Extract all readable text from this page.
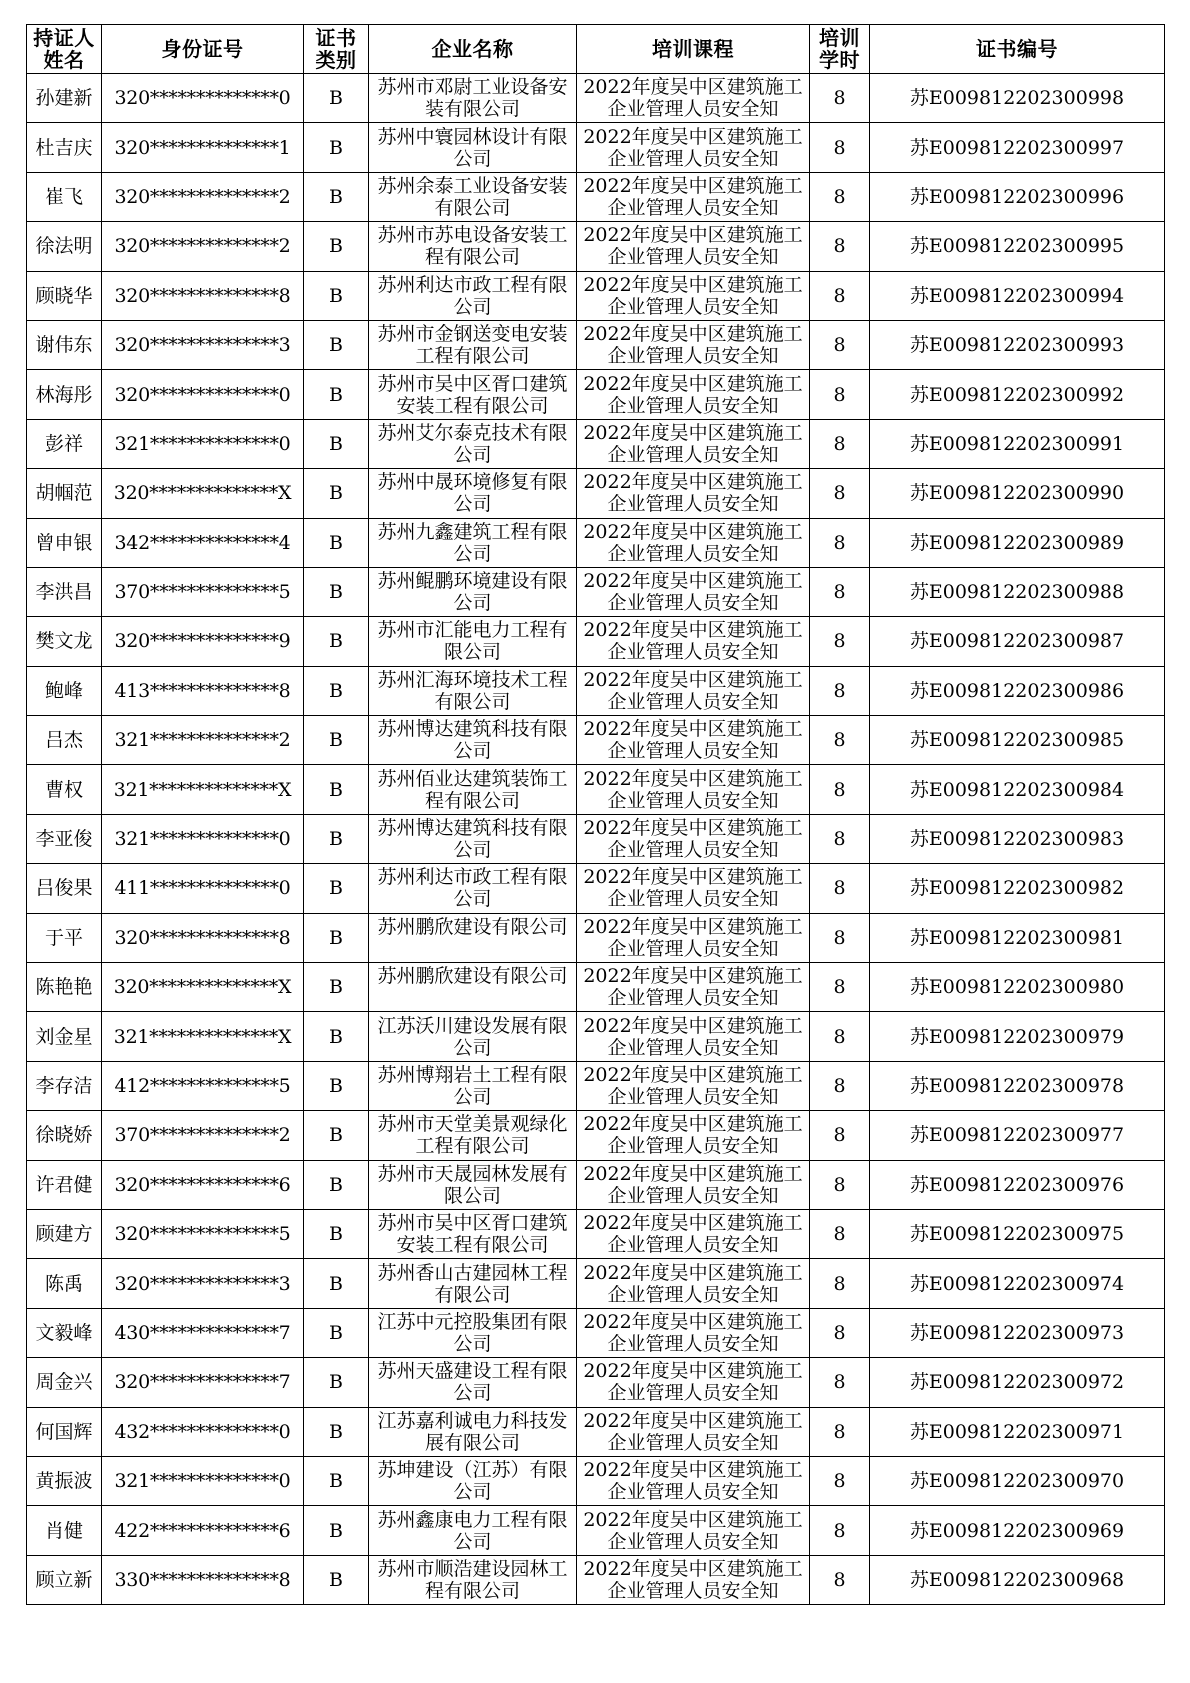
持证人姓名	身份证号	证书类别	企业名称	培训课程	培训学时	证书编号

孙建新	320**************0	B	苏州市邓尉工业设备安装有限公司	2022年度吴中区建筑施工企业管理人员安全知	8	苏E009812202300998
杜吉庆	320**************1	B	苏州中寰园林设计有限公司	2022年度吴中区建筑施工企业管理人员安全知	8	苏E009812202300997
崔飞	320**************2	B	苏州余泰工业设备安装有限公司	2022年度吴中区建筑施工企业管理人员安全知	8	苏E009812202300996
徐法明	320**************2	B	苏州市苏电设备安装工程有限公司	2022年度吴中区建筑施工企业管理人员安全知	8	苏E009812202300995
顾晓华	320**************8	B	苏州利达市政工程有限公司	2022年度吴中区建筑施工企业管理人员安全知	8	苏E009812202300994
谢伟东	320**************3	B	苏州市金钢送变电安装工程有限公司	2022年度吴中区建筑施工企业管理人员安全知	8	苏E009812202300993
林海彤	320**************0	B	苏州市吴中区胥口建筑安装工程有限公司	2022年度吴中区建筑施工企业管理人员安全知	8	苏E009812202300992
彭祥	321**************0	B	苏州艾尔泰克技术有限公司	2022年度吴中区建筑施工企业管理人员安全知	8	苏E009812202300991
胡帼范	320**************X	B	苏州中晟环境修复有限公司	2022年度吴中区建筑施工企业管理人员安全知	8	苏E009812202300990
曾申银	342**************4	B	苏州九鑫建筑工程有限公司	2022年度吴中区建筑施工企业管理人员安全知	8	苏E009812202300989
李洪昌	370**************5	B	苏州鲲鹏环境建设有限公司	2022年度吴中区建筑施工企业管理人员安全知	8	苏E009812202300988
樊文龙	320**************9	B	苏州市汇能电力工程有限公司	2022年度吴中区建筑施工企业管理人员安全知	8	苏E009812202300987
鲍峰	413**************8	B	苏州汇海环境技术工程有限公司	2022年度吴中区建筑施工企业管理人员安全知	8	苏E009812202300986
吕杰	321**************2	B	苏州博达建筑科技有限公司	2022年度吴中区建筑施工企业管理人员安全知	8	苏E009812202300985
曹权	321**************X	B	苏州佰业达建筑装饰工程有限公司	2022年度吴中区建筑施工企业管理人员安全知	8	苏E009812202300984
李亚俊	321**************0	B	苏州博达建筑科技有限公司	2022年度吴中区建筑施工企业管理人员安全知	8	苏E009812202300983
吕俊果	411**************0	B	苏州利达市政工程有限公司	2022年度吴中区建筑施工企业管理人员安全知	8	苏E009812202300982
于平	320**************8	B	苏州鹏欣建设有限公司	2022年度吴中区建筑施工企业管理人员安全知	8	苏E009812202300981
陈艳艳	320**************X	B	苏州鹏欣建设有限公司	2022年度吴中区建筑施工企业管理人员安全知	8	苏E009812202300980
刘金星	321**************X	B	江苏沃川建设发展有限公司	2022年度吴中区建筑施工企业管理人员安全知	8	苏E009812202300979
李存洁	412**************5	B	苏州博翔岩土工程有限公司	2022年度吴中区建筑施工企业管理人员安全知	8	苏E009812202300978
徐晓娇	370**************2	B	苏州市天堂美景观绿化工程有限公司	2022年度吴中区建筑施工企业管理人员安全知	8	苏E009812202300977
许君健	320**************6	B	苏州市天晟园林发展有限公司	2022年度吴中区建筑施工企业管理人员安全知	8	苏E009812202300976
顾建方	320**************5	B	苏州市吴中区胥口建筑安装工程有限公司	2022年度吴中区建筑施工企业管理人员安全知	8	苏E009812202300975
陈禹	320**************3	B	苏州香山古建园林工程有限公司	2022年度吴中区建筑施工企业管理人员安全知	8	苏E009812202300974
文毅峰	430**************7	B	江苏中元控股集团有限公司	2022年度吴中区建筑施工企业管理人员安全知	8	苏E009812202300973
周金兴	320**************7	B	苏州天盛建设工程有限公司	2022年度吴中区建筑施工企业管理人员安全知	8	苏E009812202300972
何国辉	432**************0	B	江苏嘉利诚电力科技发展有限公司	2022年度吴中区建筑施工企业管理人员安全知	8	苏E009812202300971
黄振波	321**************0	B	苏坤建设（江苏）有限公司	2022年度吴中区建筑施工企业管理人员安全知	8	苏E009812202300970
肖健	422**************6	B	苏州鑫康电力工程有限公司	2022年度吴中区建筑施工企业管理人员安全知	8	苏E009812202300969
顾立新	330**************8	B	苏州市顺浩建设园林工程有限公司	2022年度吴中区建筑施工企业管理人员安全知	8	苏E009812202300968
